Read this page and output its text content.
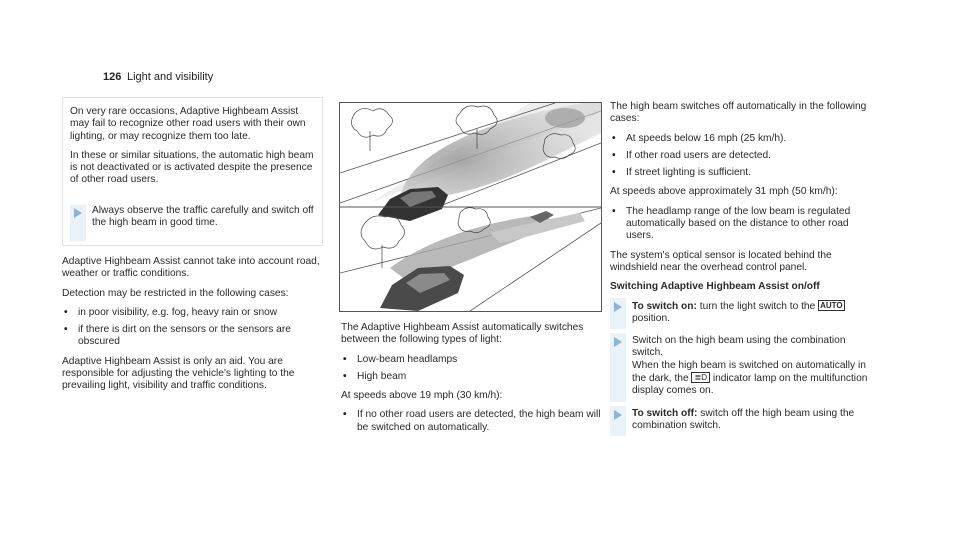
126 Light and visibility

On very rare occasions, Adaptive Highbeam Assist may fail to recognize other road users with their own lighting, or may recognize them too late.

In these or similar situations, the automatic high beam is not deactivated or is activated despite the presence of other road users.

Always observe the traffic carefully and switch off the high beam in good time.

Adaptive Highbeam Assist cannot take into account road, weather or traffic conditions.

Detection may be restricted in the following cases:

• in poor visibility, e.g. fog, heavy rain or snow
• if there is dirt on the sensors or the sensors are obscured

Adaptive Highbeam Assist is only an aid. You are responsible for adjusting the vehicle's lighting to the prevailing light, visibility and traffic conditions.

The Adaptive Highbeam Assist automatically switches between the following types of light:

• Low-beam headlamps
• High beam

At speeds above 19 mph (30 km/h):

• If no other road users are detected, the high beam will be switched on automatically.

The high beam switches off automatically in the following cases:

• At speeds below 16 mph (25 km/h).
• If other road users are detected.
• If street lighting is sufficient.

At speeds above approximately 31 mph (50 km/h):

• The headlamp range of the low beam is regulated automatically based on the distance to other road users.

The system's optical sensor is located behind the windshield near the overhead control panel.

Switching Adaptive Highbeam Assist on/off
To switch on: turn the light switch to the AUTO position.
Switch on the high beam using the combination switch.
When the high beam is switched on automatically in the dark, the ≣D indicator lamp on the multifunction display comes on.
To switch off: switch off the high beam using the combination switch.
